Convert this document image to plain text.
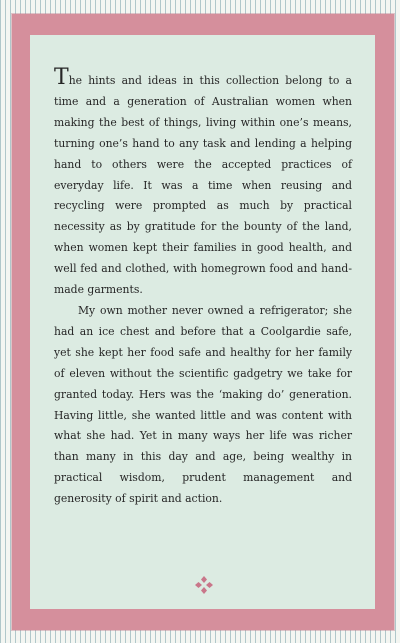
The hints and ideas in this collection belong to a time and a generation of Australian women when making the best of things, living within one’s means, turning one’s hand to any task and lending a helping hand to others were the accepted practices of everyday life. It was a time when reusing and recycling were prompted as much by practical necessity as by gratitude for the bounty of the land, when women kept their families in good health, and well fed and clothed, with homegrown food and hand-made garments.

My own mother never owned a refrigerator; she had an ice chest and before that a Coolgardie safe, yet she kept her food safe and healthy for her family of eleven without the scientific gadgetry we take for granted today. Hers was the ‘making do’ generation. Having little, she wanted little and was content with what she had. Yet in many ways her life was richer than many in this day and age, being wealthy in practical wisdom, prudent management and generosity of spirit and action.
